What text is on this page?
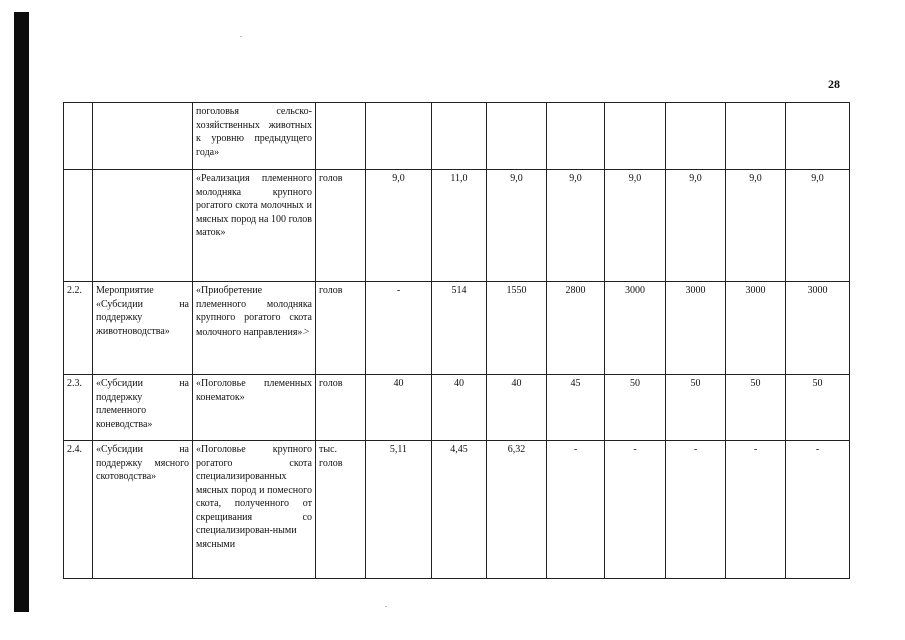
28
		поголовья сельско-хозяйственных животных к уровню предыдущего года»									
		«Реализация племенного молодняка крупного рогатого скота молочных и мясных пород на 100 голов маток»	голов	9,0	11,0	9,0	9,0	9,0	9,0	9,0	9,0
2.2.	Мероприятие «Субсидии на поддержку животноводства»	«Приобретение племенного молодняка крупного рогатого скота молочного направления»>	голов	-	514	1550	2800	3000	3000	3000	3000
2.3.	«Субсидии на поддержку племенного коневодства»	«Поголовье племенных конематок»	голов	40	40	40	45	50	50	50	50
2.4.	«Субсидии на поддержку мясного скотоводства»	«Поголовье крупного рогатого скота специализированных мясных пород и помесного скота, полученного от скрещивания со специализирован-ными мясными	тыс. голов	5,11	4,45	6,32	-	-	-	-	-
